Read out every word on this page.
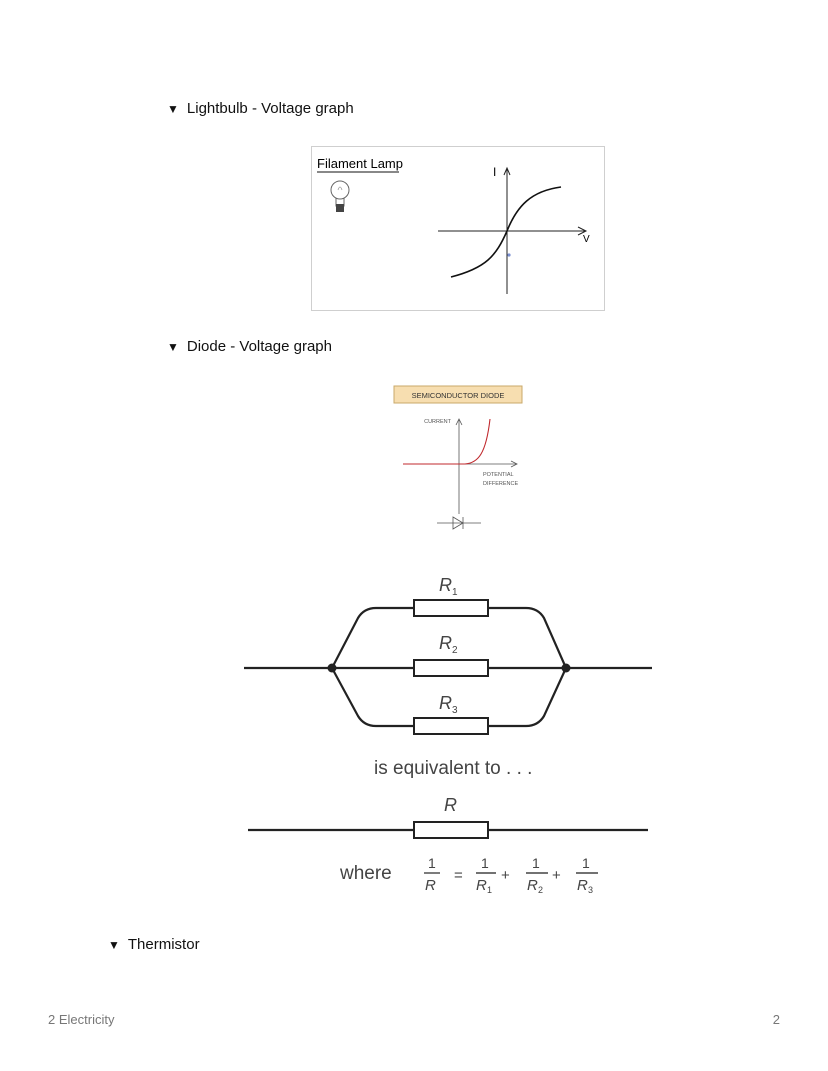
▼ Lightbulb - Voltage graph
Filament Lamp
I
V
▼ Diode - Voltage graph
SEMICONDUCTOR DIODE
CURRENT
POTENTIAL
DIFFERENCE
R 1
R 2
R 3
is equivalent to . . .
R
where	1
R
=
1
R 1
+
1
R 2
+
1
R 3
▼ Thermistor
2 Electricity	2
